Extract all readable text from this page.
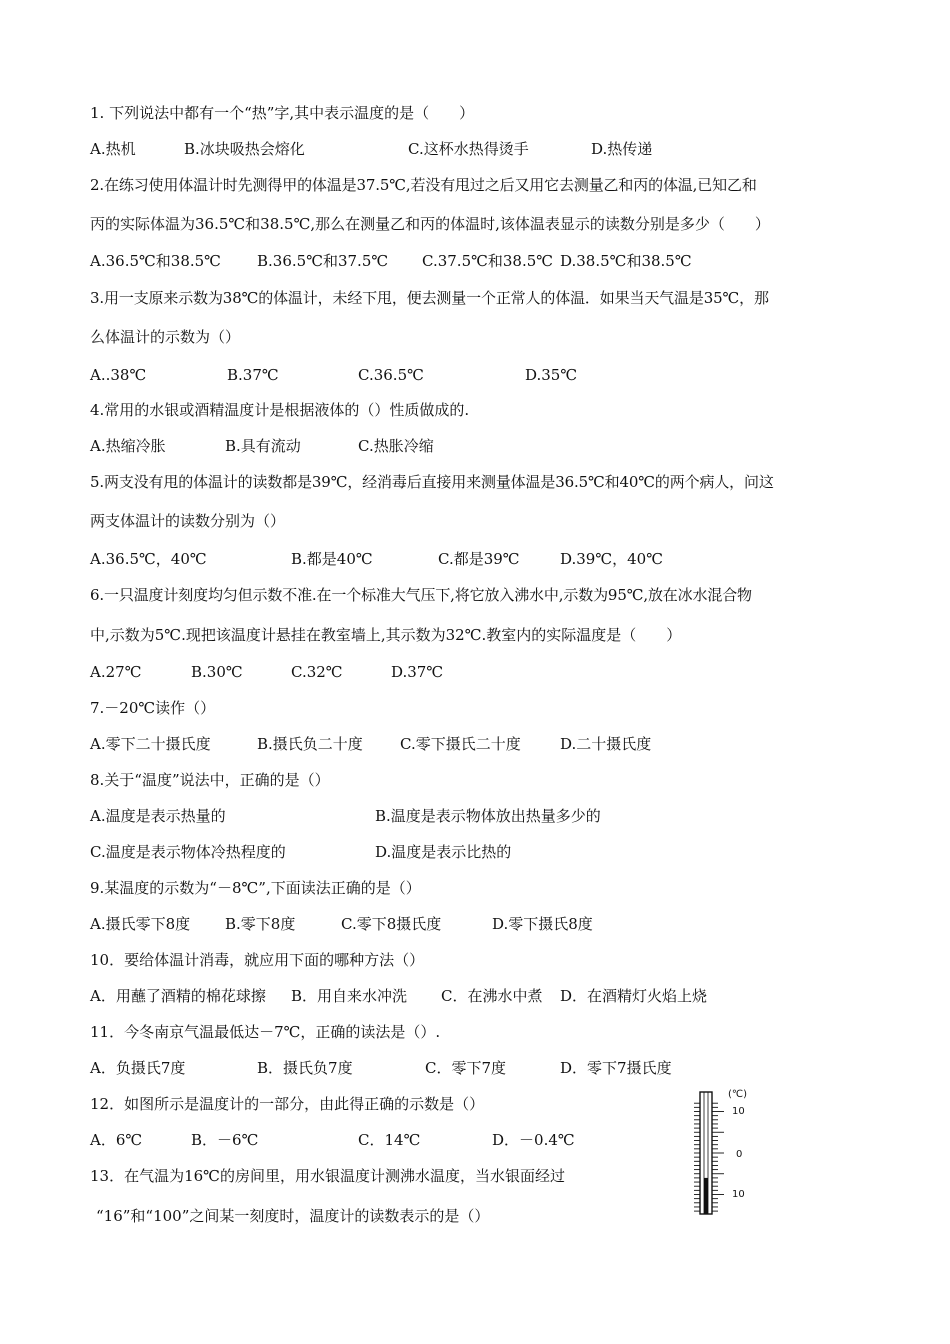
1. 下列说法中都有一个“热”字,其中表示温度的是（　　）
A.热机	B.冰块吸热会熔化	C.这杯水热得烫手	D.热传递
2.在练习使用体温计时先测得甲的体温是37.5℃,若没有甩过之后又用它去测量乙和丙的体温,已知乙和
丙的实际体温为36.5℃和38.5℃,那么在测量乙和丙的体温时,该体温表显示的读数分别是多少（　　）
A.36.5℃和38.5℃ B.36.5℃和37.5℃ C.37.5℃和38.5℃ D.38.5℃和38.5℃
3.用一支原来示数为38℃的体温计，未经下甩，便去测量一个正常人的体温．如果当天气温是35℃，那
么体温计的示数为（）
A..38℃	B.37℃	C.36.5℃	D.35℃
4.常用的水银或酒精温度计是根据液体的（）性质做成的.
A.热缩冷胀	B.具有流动	C.热胀冷缩
5.两支没有甩的体温计的读数都是39℃，经消毒后直接用来测量体温是36.5℃和40℃的两个病人，问这
两支体温计的读数分别为（）
A.36.5℃，40℃	B.都是40℃	C.都是39℃	D.39℃，40℃
6.一只温度计刻度均匀但示数不准.在一个标准大气压下,将它放入沸水中,示数为95℃,放在冰水混合物
中,示数为5℃.现把该温度计悬挂在教室墙上,其示数为32℃.教室内的实际温度是（　　）
A.27℃	B.30℃	C.32℃	D.37℃
7.－20℃读作（）
A.零下二十摄氏度	B.摄氏负二十度 C.零下摄氏二十度	D.二十摄氏度
8.关于“温度”说法中，正确的是（）
A.温度是表示热量的	B.温度是表示物体放出热量多少的
C.温度是表示物体冷热程度的	D.温度是表示比热的
9.某温度的示数为“－8℃”,下面读法正确的是（）
A.摄氏零下8度 B.零下8度	C.零下8摄氏度	D.零下摄氏8度
10．要给体温计消毒，就应用下面的哪种方法（）
A．用蘸了酒精的棉花球擦 B．用自来水冲洗 C．在沸水中煮 D．在酒精灯火焰上烧
11．今冬南京气温最低达－7℃，正确的读法是（）.
A．负摄氏7度	B．摄氏负7度	C．零下7度	D．零下7摄氏度
12．如图所示是温度计的一部分，由此得正确的示数是（）
A．6℃	B．－6℃	C．14℃	D．－0.4℃
13．在气温为16℃的房间里，用水银温度计测沸水温度，当水银面经过
“16”和“100”之间某一刻度时，温度计的读数表示的是（）
(℃)
10
0
10
